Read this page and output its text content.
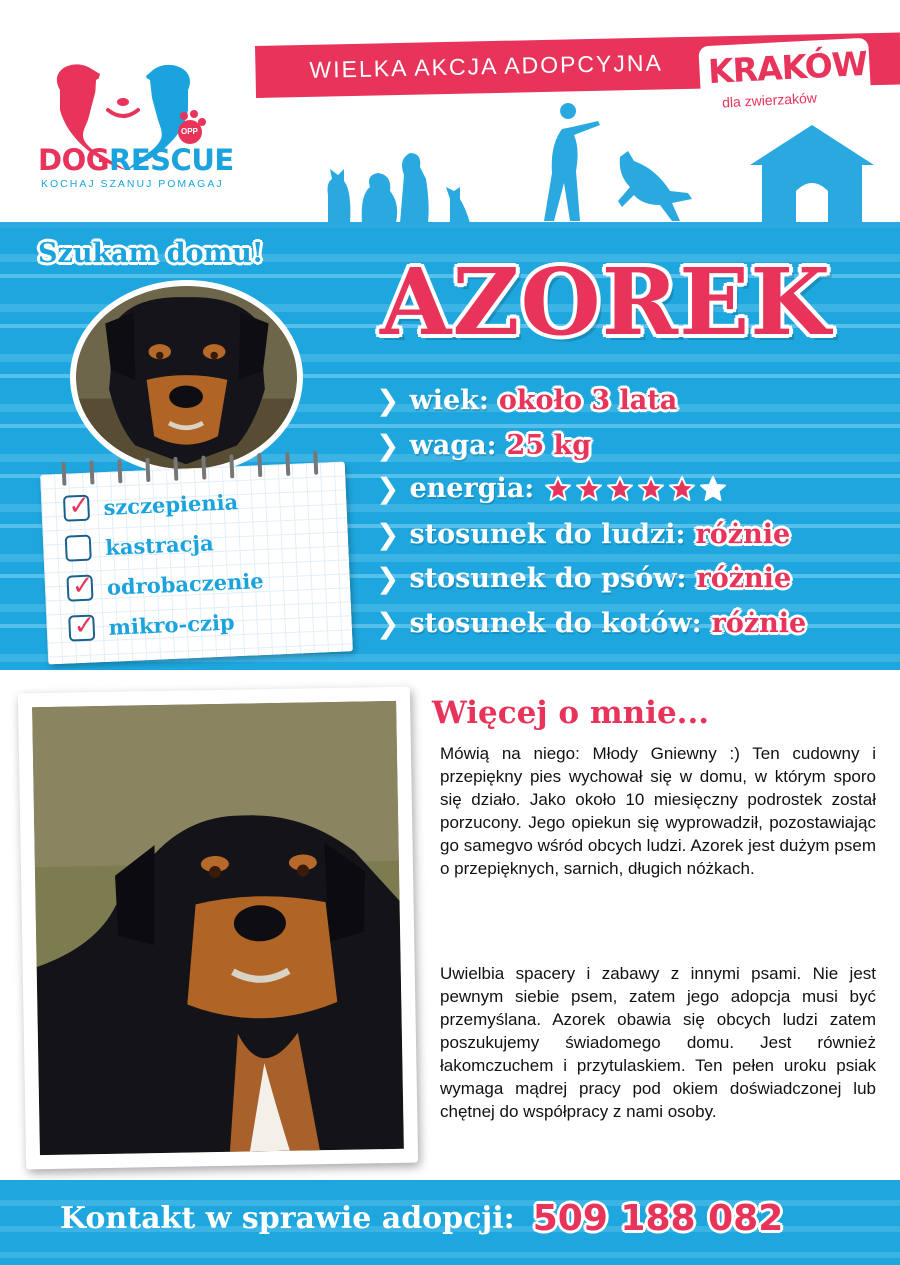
DOGRESCUE
OPP
KOCHAJ SZANUJ POMAGAJ
WIELKA AKCJA ADOPCYJNA KRAKÓW
dla zwierzaków
Szukam domu!
✓ szczepienia
kastracja
✓ odrobaczenie
✓ mikro-czip
AZOREK
❯ wiek: około 3 lata
❯ waga: 25 kg
❯ energia:
❯ stosunek do ludzi: różnie
❯ stosunek do psów: różnie
❯ stosunek do kotów: różnie
Więcej o mnie...

Mówią na niego: Młody Gniewny :) Ten cudowny i przepiękny pies wychował się w domu, w którym sporo się działo. Jako około 10 miesięczny podrostek został porzucony. Jego opiekun się wyprowadził, pozostawiając go samegvo wśród obcych ludzi. Azorek jest dużym psem o przepięknych, sarnich, długich nóżkach.

Uwielbia spacery i zabawy z innymi psami. Nie jest pewnym siebie psem, zatem jego adopcja musi być przemyślana. Azorek obawia się obcych ludzi zatem poszukujemy świadomego domu. Jest również łakomczuchem i przytulaskiem. Ten pełen uroku psiak wymaga mądrej pracy pod okiem doświadczonej lub chętnej do współpracy z nami osoby.

Kontakt w sprawie adopcji: 509 188 082
